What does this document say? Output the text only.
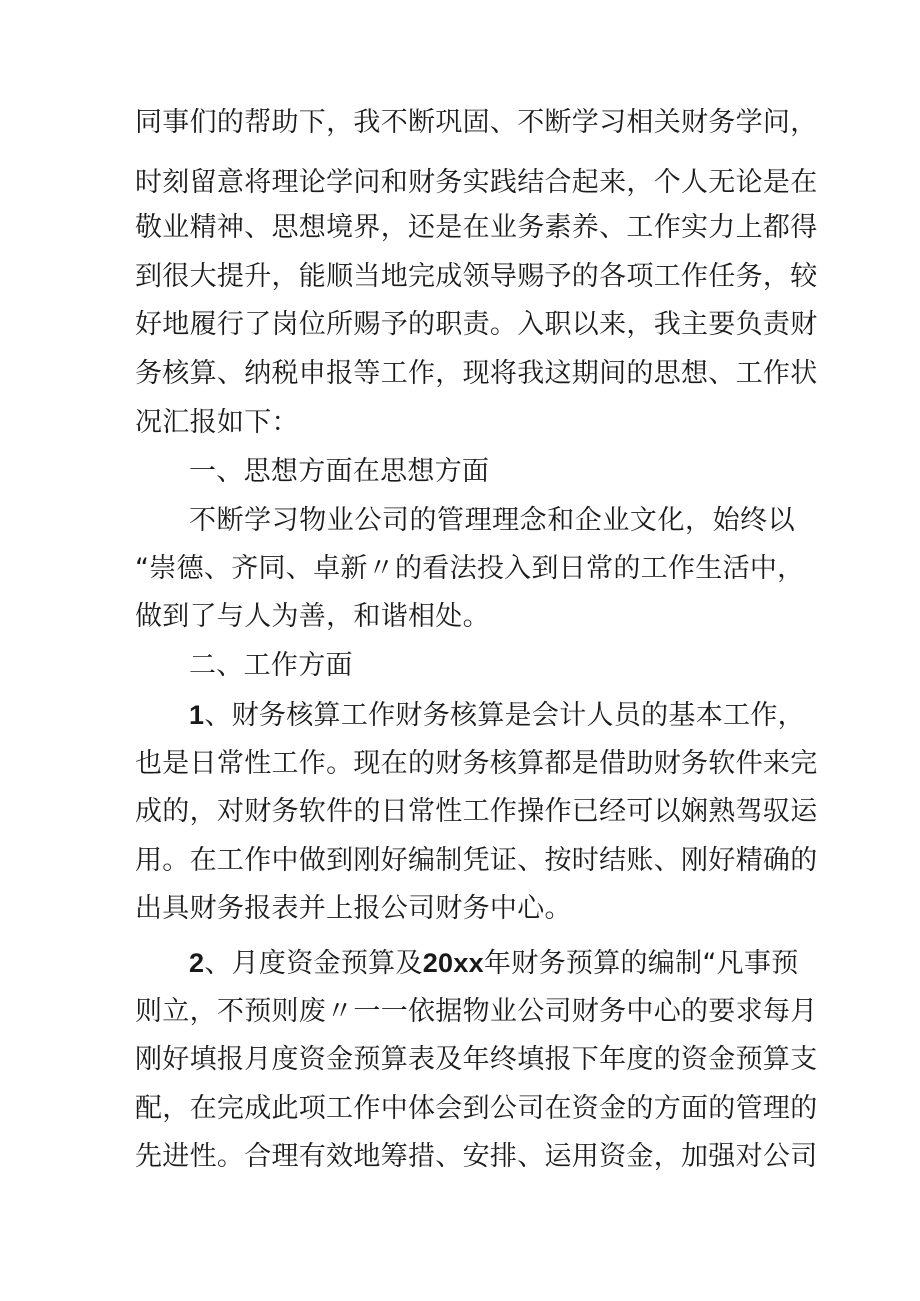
同事们的帮助下，我不断巩固、不断学习相关财务学问，
时刻留意将理论学问和财务实践结合起来，个人无论是在
敬业精神、思想境界，还是在业务素养、工作实力上都得
到很大提升，能顺当地完成领导赐予的各项工作任务，较
好地履行了岗位所赐予的职责。入职以来，我主要负责财
务核算、纳税申报等工作，现将我这期间的思想、工作状
况汇报如下：
一、思想方面在思想方面
不断学习物业公司的管理理念和企业文化，始终以
“崇德、齐同、卓新〃的看法投入到日常的工作生活中，
做到了与人为善，和谐相处。
二、工作方面
1、财务核算工作财务核算是会计人员的基本工作，
也是日常性工作。现在的财务核算都是借助财务软件来完
成的，对财务软件的日常性工作操作已经可以娴熟驾驭运
用。在工作中做到刚好编制凭证、按时结账、刚好精确的
出具财务报表并上报公司财务中心。
2、月度资金预算及20xx年财务预算的编制“凡事预
则立，不预则废〃一一依据物业公司财务中心的要求每月
刚好填报月度资金预算表及年终填报下年度的资金预算支
配，在完成此项工作中体会到公司在资金的方面的管理的
先进性。合理有效地筹措、安排、运用资金，加强对公司
